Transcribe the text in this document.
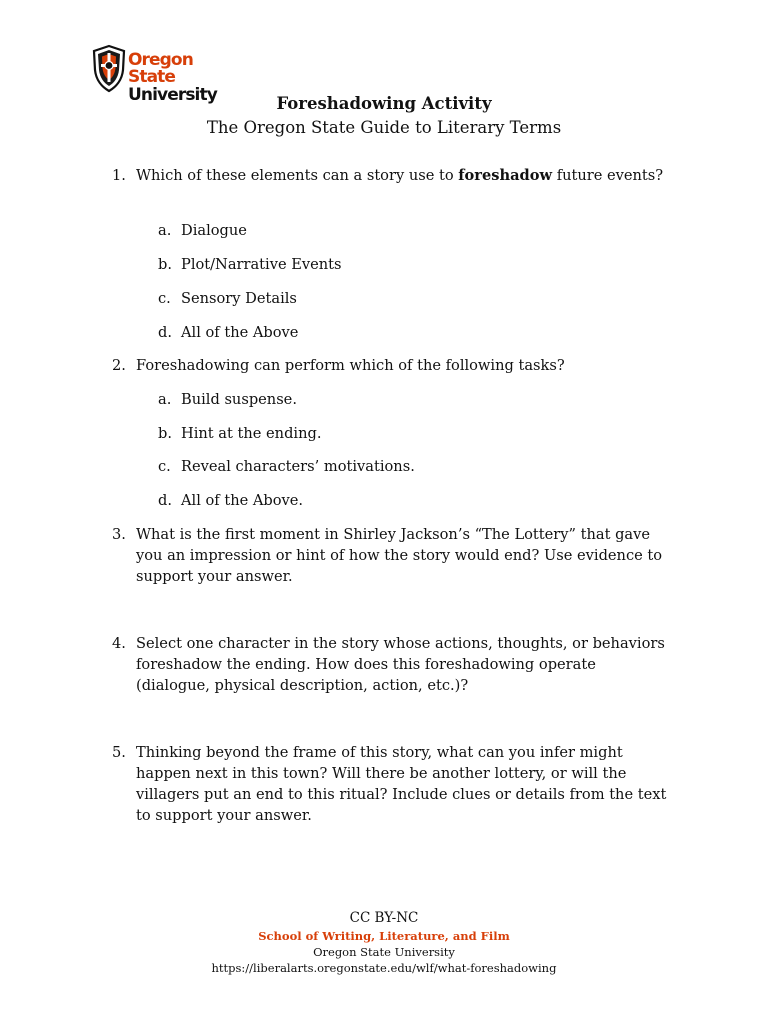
Oregon State
University	Foreshadowing Activity
The Oregon State Guide to Literary Terms
1. Which of these elements can a story use to foreshadow future events?
a. Dialogue
b. Plot/Narrative Events
c. Sensory Details
d. All of the Above
2. Foreshadowing can perform which of the following tasks?
a. Build suspense.
b. Hint at the ending.
c. Reveal characters’ motivations.
d. All of the Above.
3. What is the first moment in Shirley Jackson’s “The Lottery” that gave you an impression or hint of how the story would end? Use evidence to support your answer.
4. Select one character in the story whose actions, thoughts, or behaviors foreshadow the ending. How does this foreshadowing operate (dialogue, physical description, action, etc.)?
5. Thinking beyond the frame of this story, what can you infer might happen next in this town? Will there be another lottery, or will the villagers put an end to this ritual? Include clues or details from the text to support your answer.
CC BY-NC
School of Writing, Literature, and Film
Oregon State University
https://liberalarts.oregonstate.edu/wlf/what-foreshadowing
